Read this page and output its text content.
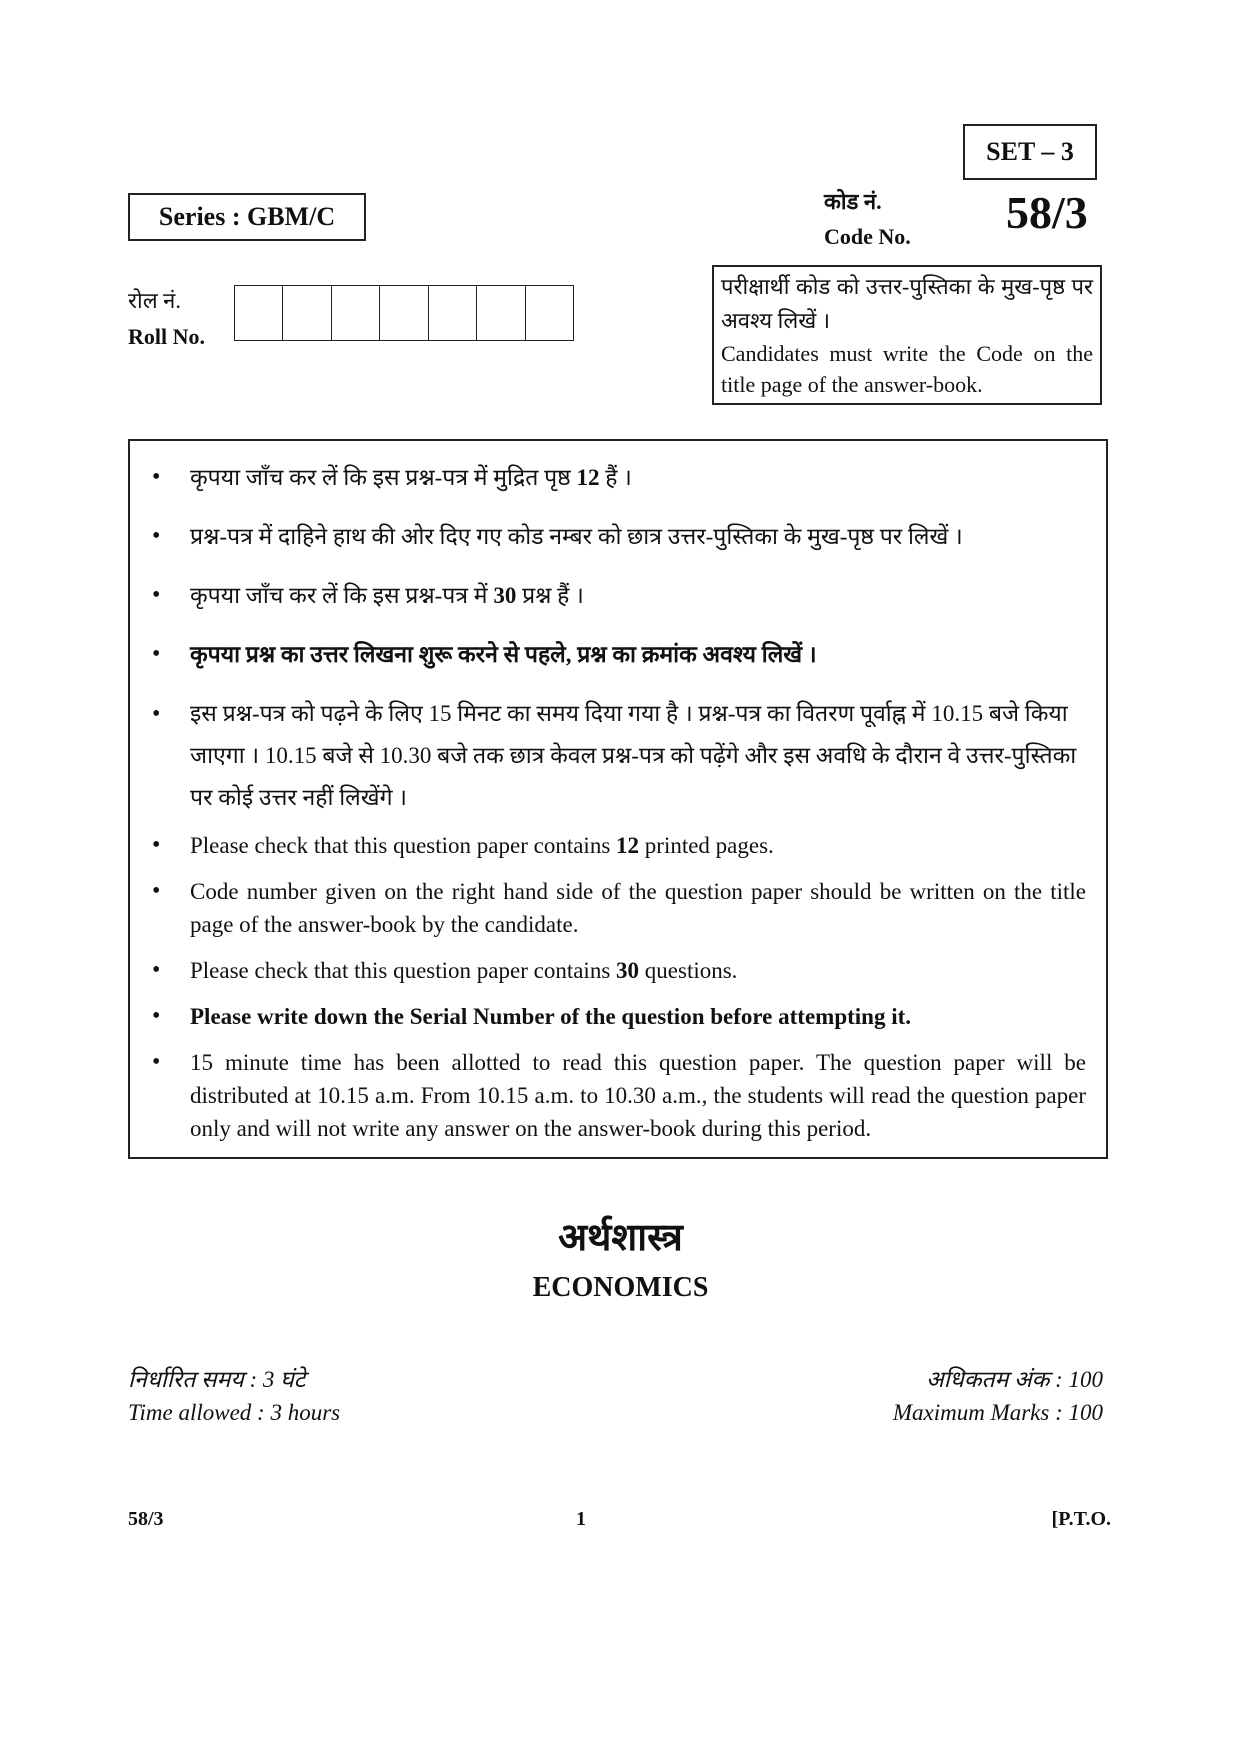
SET – 3
Series : GBM/C
कोड नं.
Code No. 58/3
रोल नं.
Roll No.
परीक्षार्थी कोड को उत्तर-पुस्तिका के मुख-पृष्ठ पर अवश्य लिखें ।
Candidates must write the Code on the title page of the answer-book.
• कृपया जाँच कर लें कि इस प्रश्न-पत्र में मुद्रित पृष्ठ 12 हैं ।
• प्रश्न-पत्र में दाहिने हाथ की ओर दिए गए कोड नम्बर को छात्र उत्तर-पुस्तिका के मुख-पृष्ठ पर लिखें ।
• कृपया जाँच कर लें कि इस प्रश्न-पत्र में 30 प्रश्न हैं ।
• कृपया प्रश्न का उत्तर लिखना शुरू करने से पहले, प्रश्न का क्रमांक अवश्य लिखें ।
• इस प्रश्न-पत्र को पढ़ने के लिए 15 मिनट का समय दिया गया है । प्रश्न-पत्र का वितरण पूर्वाह्न में 10.15 बजे किया जाएगा । 10.15 बजे से 10.30 बजे तक छात्र केवल प्रश्न-पत्र को पढ़ेंगे और इस अवधि के दौरान वे उत्तर-पुस्तिका पर कोई उत्तर नहीं लिखेंगे ।
• Please check that this question paper contains 12 printed pages.
• Code number given on the right hand side of the question paper should be written on the title page of the answer-book by the candidate.
• Please check that this question paper contains 30 questions.
• Please write down the Serial Number of the question before attempting it.
• 15 minute time has been allotted to read this question paper. The question paper will be distributed at 10.15 a.m. From 10.15 a.m. to 10.30 a.m., the students will read the question paper only and will not write any answer on the answer-book during this period.
अर्थशास्त्र
ECONOMICS
निर्धारित समय : 3 घंटे
Time allowed : 3 hours
अधिकतम अंक : 100
Maximum Marks : 100
58/3	1	[P.T.O.
